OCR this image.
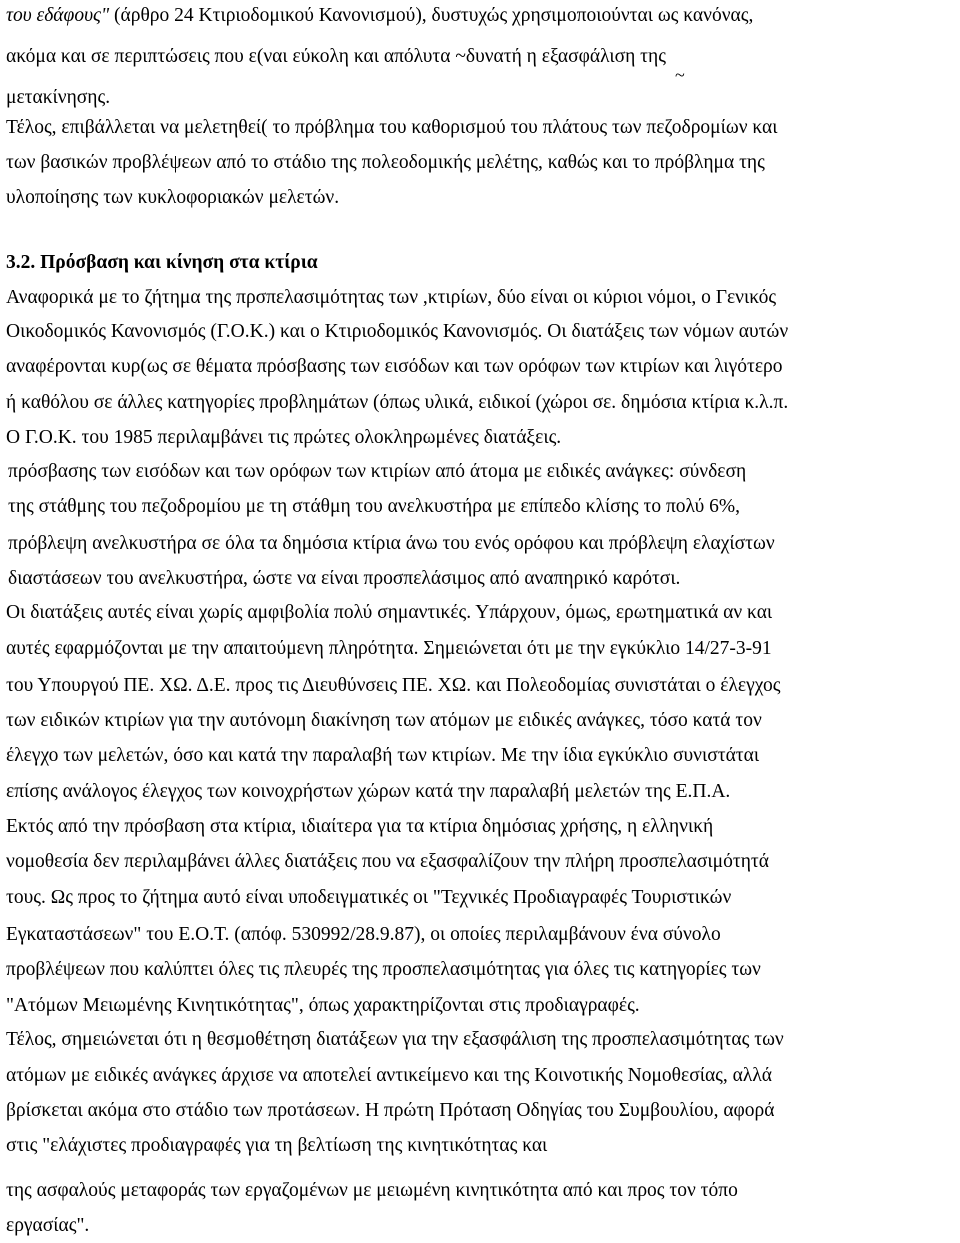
του εδάφους" (άρθρο 24 Κτιριοδομικού Κανονισμού), δυστυχώς χρησιμοποιούνται ως κανόνας,
ακόμα και σε περιπτώσεις που ε(ναι εύκολη και απόλυτα ~δυνατή η εξασφάλιση της
~
μετακίνησης.
Τέλος, επιβάλλεται να μελετηθεί( το πρόβλημα του καθορισμού του πλάτους των πεζοδρομίων και
των βασικών προβλέψεων από το στάδιο της πολεοδομικής μελέτης, καθώς και το πρόβλημα της
υλοποίησης των κυκλοφοριακών μελετών.
3.2. Πρόσβαση και κίνηση στα κτίρια
Αναφορικά με το ζήτημα της πρσπελασιμότητας των ,κτιρίων, δύο είναι οι κύριοι νόμοι, ο Γενικός
Οικοδομικός Κανονισμός (Γ.Ο.Κ.) και ο Κτιριοδομικός Κανονισμός. Οι διατάξεις των νόμων αυτών
αναφέρονται κυρ(ως σε θέματα πρόσβασης των εισόδων και των ορόφων των κτιρίων και λιγότερο
ή καθόλου σε άλλες κατηγορίες προβλημάτων (όπως υλικά, ειδικοί (χώροι σε. δημόσια κτίρια κ.λ.π.
Ο Γ.Ο.Κ. του 1985 περιλαμβάνει τις πρώτες ολοκληρωμένες διατάξεις.
πρόσβασης των εισόδων και των ορόφων των κτιρίων από άτομα με ειδικές ανάγκες: σύνδεση
της στάθμης του πεζοδρομίου με τη στάθμη του ανελκυστήρα με επίπεδο κλίσης το πολύ 6%,
πρόβλεψη ανελκυστήρα σε όλα τα δημόσια κτίρια άνω του ενός ορόφου και πρόβλεψη ελαχίστων
διαστάσεων του ανελκυστήρα, ώστε να είναι προσπελάσιμος από αναπηρικό καρότσι.
Οι διατάξεις αυτές είναι χωρίς αμφιβολία πολύ σημαντικές. Υπάρχουν, όμως, ερωτηματικά αν και
αυτές εφαρμόζονται με την απαιτούμενη πληρότητα. Σημειώνεται ότι με την εγκύκλιο 14/27-3-91
του Υπουργού ΠΕ. ΧΩ. Δ.Ε. προς τις Διευθύνσεις ΠΕ. ΧΩ. και Πολεοδομίας συνιστάται ο έλεγχος
των ειδικών κτιρίων για την αυτόνομη διακίνηση των ατόμων με ειδικές ανάγκες, τόσο κατά τον
έλεγχο των μελετών, όσο και κατά την παραλαβή των κτιρίων. Με την ίδια εγκύκλιο συνιστάται
επίσης ανάλογος έλεγχος των κοινοχρήστων χώρων κατά την παραλαβή μελετών της Ε.Π.Α.
Εκτός από την πρόσβαση στα κτίρια, ιδιαίτερα για τα κτίρια δημόσιας χρήσης, η ελληνική
νομοθεσία δεν περιλαμβάνει άλλες διατάξεις που να εξασφαλίζουν την πλήρη προσπελασιμότητά
τους. Ως προς το ζήτημα αυτό είναι υποδειγματικές οι "Τεχνικές Προδιαγραφές Τουριστικών
Εγκαταστάσεων" του Ε.Ο.Τ. (απόφ. 530992/28.9.87), οι οποίες περιλαμβάνουν ένα σύνολο
προβλέψεων που καλύπτει όλες τις πλευρές της προσπελασιμότητας για όλες τις κατηγορίες των
"Ατόμων Μειωμένης Κινητικότητας", όπως χαρακτηρίζονται στις προδιαγραφές.
Τέλος, σημειώνεται ότι η θεσμοθέτηση διατάξεων για την εξασφάλιση της προσπελασιμότητας των
ατόμων με ειδικές ανάγκες άρχισε να αποτελεί αντικείμενο και της Κοινοτικής Νομοθεσίας, αλλά
βρίσκεται ακόμα στο στάδιο των προτάσεων. Η πρώτη Πρόταση Οδηγίας του Συμβουλίου, αφορά
στις "ελάχιστες προδιαγραφές για τη βελτίωση της κινητικότητας και
της ασφαλούς μεταφοράς των εργαζομένων με μειωμένη κινητικότητα από και προς τον τόπο
εργασίας".
